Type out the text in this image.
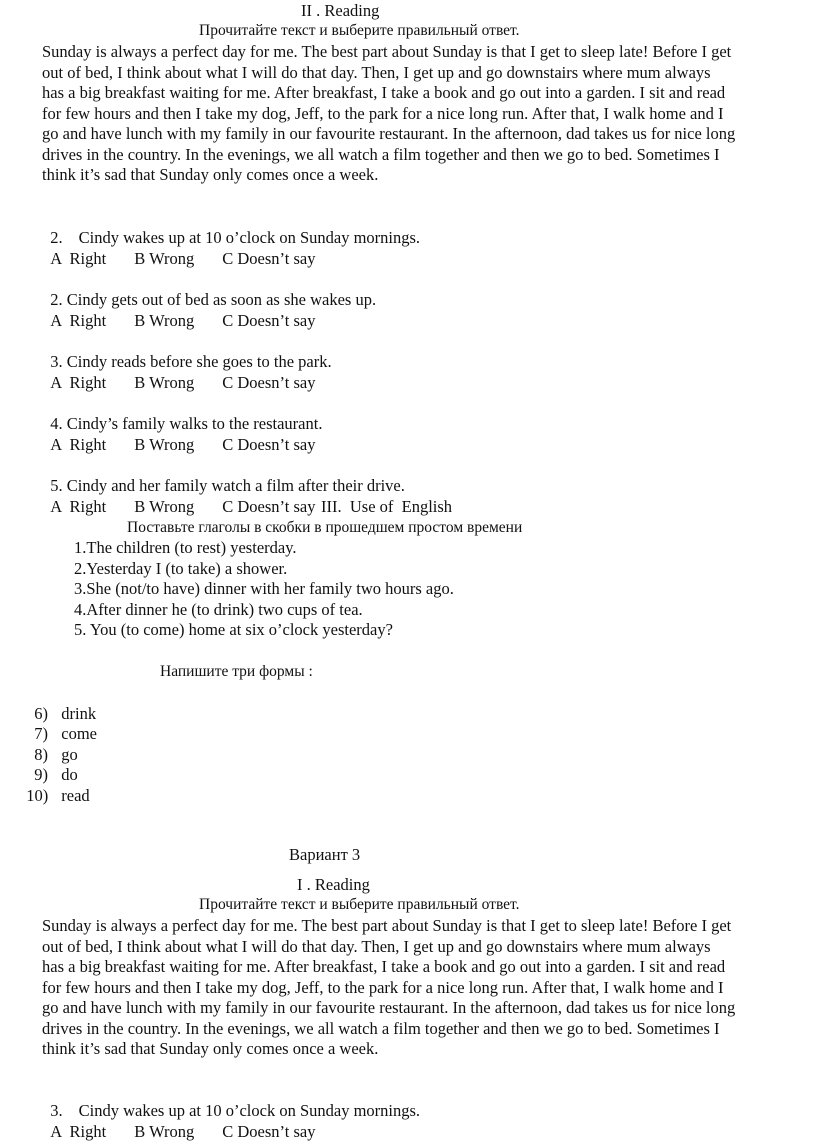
II . Reading
Прочитайте текст и выберите правильный ответ.
Sunday is always a perfect day for me. The best part about Sunday is that I get to sleep late! Before I get
out of bed, I think about what I will do that day. Then, I get up and go downstairs where mum always
has a big breakfast waiting for me. After breakfast, I take a book and go out into a garden. I sit and read
for few hours and then I take my dog, Jeff, to the park for a nice long run. After that, I walk home and I
go and have lunch with my family in our favourite restaurant. In the afternoon, dad takes us for nice long
drives in the country. In the evenings, we all watch a film together and then we go to bed. Sometimes I
think it’s sad that Sunday only comes once a week.

2. Cindy wakes up at 10 o’clock on Sunday mornings.

A  Right B Wrong C Doesn’t say

2. Cindy gets out of bed as soon as she wakes up.

A  Right B Wrong C Doesn’t say

3. Cindy reads before she goes to the park.

A  Right B Wrong C Doesn’t say

4. Cindy’s family walks to the restaurant.

A  Right B Wrong C Doesn’t say

5. Cindy and her family watch a film after their drive.

A  Right B Wrong C Doesn’t say III.  Use of  English
Поставьте глаголы в скобки в прошедшем простом времени
1.The children (to rest) yesterday.
2.Yesterday I (to take) a shower.
3.She (not/to have) dinner with her family two hours ago.
4.After dinner he (to drink) two cups of tea.
5. You (to come) home at six o’clock yesterday?
Напишите три формы :

6) drink

7) come

8) go

9) do

10) read

Вариант 3
I . Reading
Прочитайте текст и выберите правильный ответ.
Sunday is always a perfect day for me. The best part about Sunday is that I get to sleep late! Before I get
out of bed, I think about what I will do that day. Then, I get up and go downstairs where mum always
has a big breakfast waiting for me. After breakfast, I take a book and go out into a garden. I sit and read
for few hours and then I take my dog, Jeff, to the park for a nice long run. After that, I walk home and I
go and have lunch with my family in our favourite restaurant. In the afternoon, dad takes us for nice long
drives in the country. In the evenings, we all watch a film together and then we go to bed. Sometimes I
think it’s sad that Sunday only comes once a week.

3. Cindy wakes up at 10 o’clock on Sunday mornings.

A  Right B Wrong C Doesn’t say
